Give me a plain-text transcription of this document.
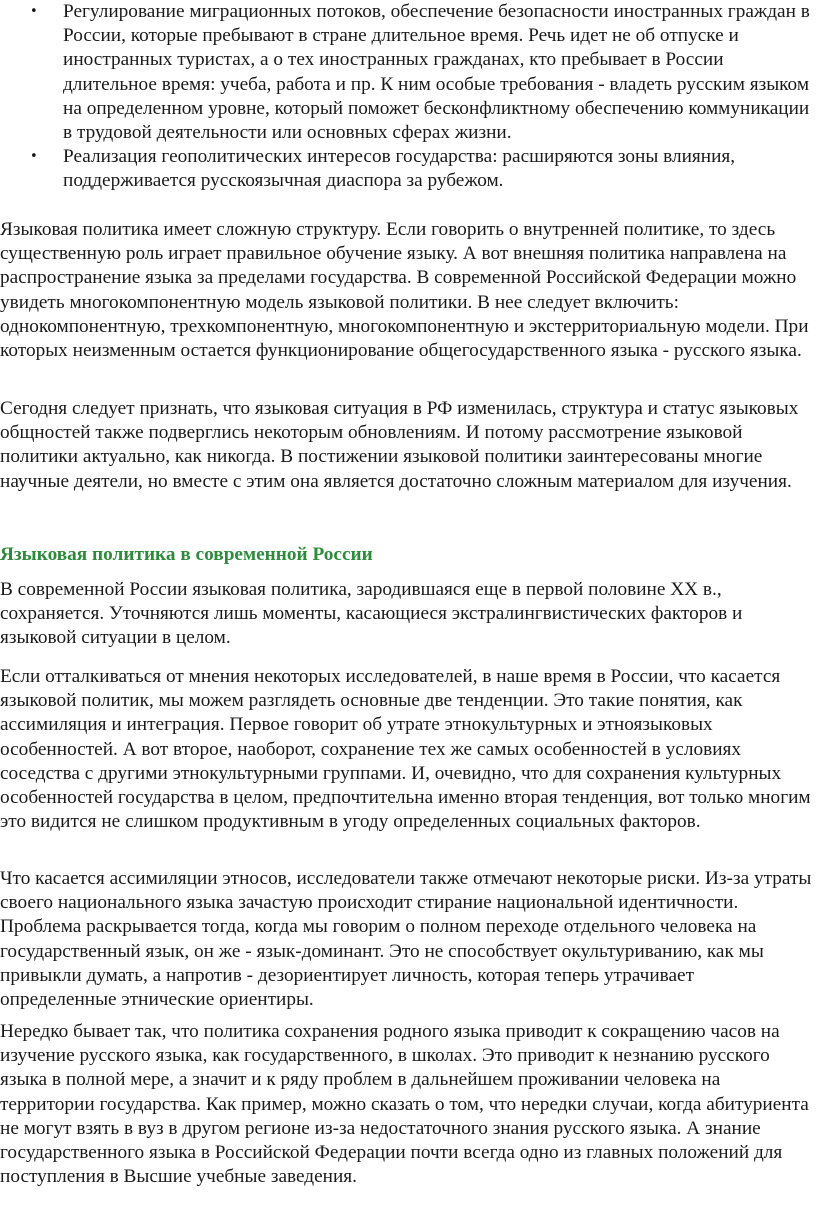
• Регулирование миграционных потоков, обеспечение безопасности иностранных граждан в России, которые пребывают в стране длительное время. Речь идет не об отпуске и иностранных туристах, а о тех иностранных гражданах, кто пребывает в России длительное время: учеба, работа и пр. К ним особые требования - владеть русским языком на определенном уровне, который поможет бесконфликтному обеспечению коммуникации в трудовой деятельности или основных сферах жизни.
• Реализация геополитических интересов государства: расширяются зоны влияния, поддерживается русскоязычная диаспора за рубежом.

Языковая политика имеет сложную структуру. Если говорить о внутренней политике, то здесь существенную роль играет правильное обучение языку. А вот внешняя политика направлена на распространение языка за пределами государства. В современной Российской Федерации можно увидеть многокомпонентную модель языковой политики. В нее следует включить: однокомпонентную, трехкомпонентную, многокомпонентную и экстерриториальную модели. При которых неизменным остается функционирование общегосударственного языка - русского языка.

Сегодня следует признать, что языковая ситуация в РФ изменилась, структура и статус языковых общностей также подверглись некоторым обновлениям. И потому рассмотрение языковой политики актуально, как никогда. В постижении языковой политики заинтересованы многие научные деятели, но вместе с этим она является достаточно сложным материалом для изучения.

Языковая политика в современной России

В современной России языковая политика, зародившаяся еще в первой половине XX в., сохраняется. Уточняются лишь моменты, касающиеся экстралингвистических факторов и языковой ситуации в целом.

Если отталкиваться от мнения некоторых исследователей, в наше время в России, что касается языковой политик, мы можем разглядеть основные две тенденции. Это такие понятия, как ассимиляция и интеграция. Первое говорит об утрате этнокультурных и этноязыковых особенностей. А вот второе, наоборот, сохранение тех же самых особенностей в условиях соседства с другими этнокультурными группами. И, очевидно, что для сохранения культурных особенностей государства в целом, предпочтительна именно вторая тенденция, вот только многим это видится не слишком продуктивным в угоду определенных социальных факторов.

Что касается ассимиляции этносов, исследователи также отмечают некоторые риски. Из-за утраты своего национального языка зачастую происходит стирание национальной идентичности. Проблема раскрывается тогда, когда мы говорим о полном переходе отдельного человека на государственный язык, он же - язык-доминант. Это не способствует окультуриванию, как мы привыкли думать, а напротив - дезориентирует личность, которая теперь утрачивает определенные этнические ориентиры.

Нередко бывает так, что политика сохранения родного языка приводит к сокращению часов на изучение русского языка, как государственного, в школах. Это приводит к незнанию русского языка в полной мере, а значит и к ряду проблем в дальнейшем проживании человека на территории государства. Как пример, можно сказать о том, что нередки случаи, когда абитуриента не могут взять в вуз в другом регионе из-за недостаточного знания русского языка. А знание государственного языка в Российской Федерации почти всегда одно из главных положений для поступления в Высшие учебные заведения.
